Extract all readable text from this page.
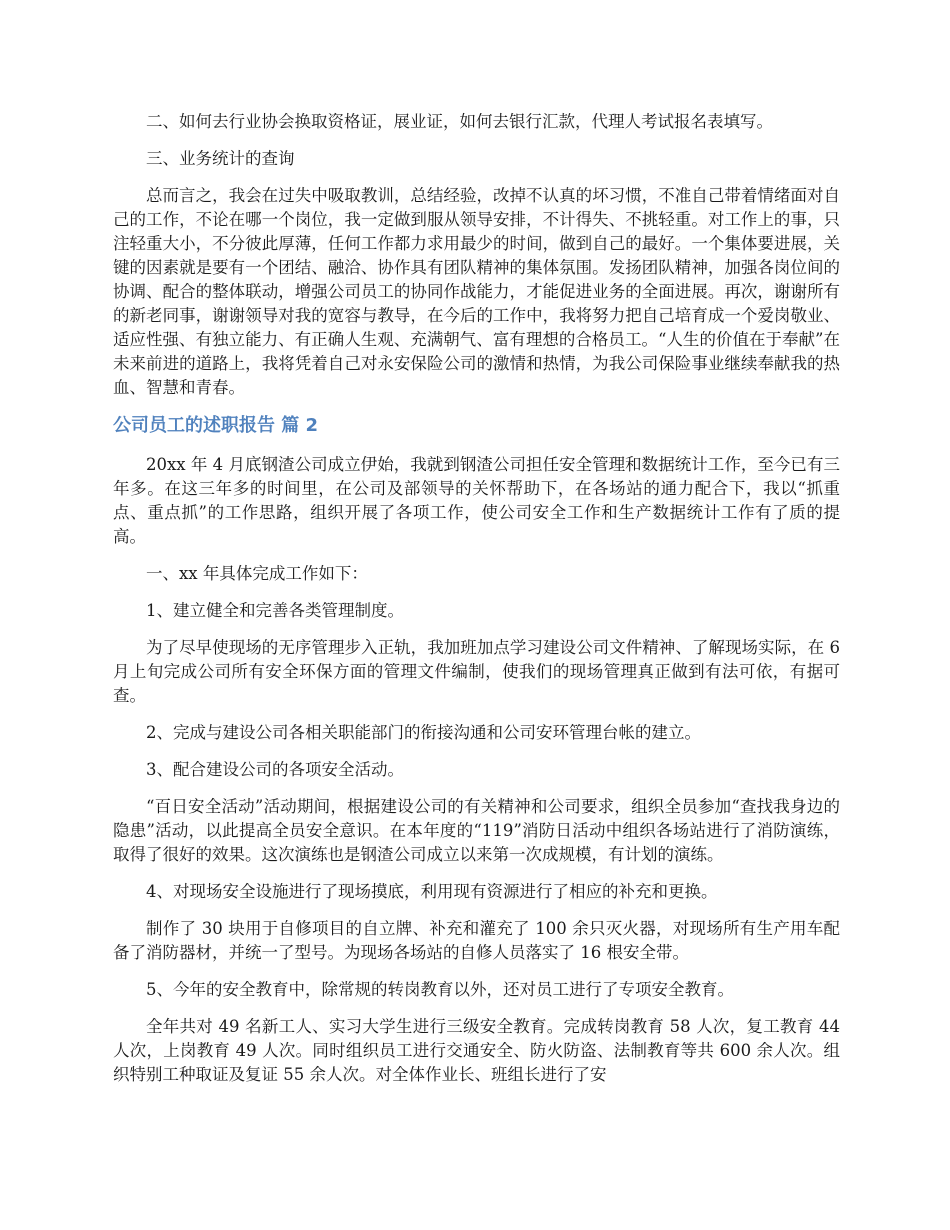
二、如何去行业协会换取资格证，展业证，如何去银行汇款，代理人考试报名表填写。

三、业务统计的查询

总而言之，我会在过失中吸取教训，总结经验，改掉不认真的坏习惯，不准自己带着情绪面对自己的工作，不论在哪一个岗位，我一定做到服从领导安排，不计得失、不挑轻重。对工作上的事，只注轻重大小，不分彼此厚薄，任何工作都力求用最少的时间，做到自己的最好。一个集体要进展，关键的因素就是要有一个团结、融洽、协作具有团队精神的集体氛围。发扬团队精神，加强各岗位间的协调、配合的整体联动，增强公司员工的协同作战能力，才能促进业务的全面进展。再次，谢谢所有的新老同事，谢谢领导对我的宽容与教导，在今后的工作中，我将努力把自己培育成一个爱岗敬业、适应性强、有独立能力、有正确人生观、充满朝气、富有理想的合格员工。“人生的价值在于奉献”在未来前进的道路上，我将凭着自己对永安保险公司的激情和热情，为我公司保险事业继续奉献我的热血、智慧和青春。

公司员工的述职报告 篇 2

20xx 年 4 月底钢渣公司成立伊始，我就到钢渣公司担任安全管理和数据统计工作，至今已有三年多。在这三年多的时间里，在公司及部领导的关怀帮助下，在各场站的通力配合下，我以“抓重点、重点抓”的工作思路，组织开展了各项工作，使公司安全工作和生产数据统计工作有了质的提高。

一、xx 年具体完成工作如下：

1、建立健全和完善各类管理制度。

为了尽早使现场的无序管理步入正轨，我加班加点学习建设公司文件精神、了解现场实际，在 6 月上旬完成公司所有安全环保方面的管理文件编制，使我们的现场管理真正做到有法可依，有据可查。

2、完成与建设公司各相关职能部门的衔接沟通和公司安环管理台帐的建立。

3、配合建设公司的各项安全活动。

“百日安全活动”活动期间，根据建设公司的有关精神和公司要求，组织全员参加“查找我身边的隐患”活动，以此提高全员安全意识。在本年度的“119”消防日活动中组织各场站进行了消防演练，取得了很好的效果。这次演练也是钢渣公司成立以来第一次成规模，有计划的演练。

4、对现场安全设施进行了现场摸底，利用现有资源进行了相应的补充和更换。

制作了 30 块用于自修项目的自立牌、补充和灌充了 100 余只灭火器，对现场所有生产用车配备了消防器材，并统一了型号。为现场各场站的自修人员落实了 16 根安全带。

5、今年的安全教育中，除常规的转岗教育以外，还对员工进行了专项安全教育。

全年共对 49 名新工人、实习大学生进行三级安全教育。完成转岗教育 58 人次，复工教育 44 人次，上岗教育 49 人次。同时组织员工进行交通安全、防火防盗、法制教育等共 600 余人次。组织特别工种取证及复证 55 余人次。对全体作业长、班组长进行了安
